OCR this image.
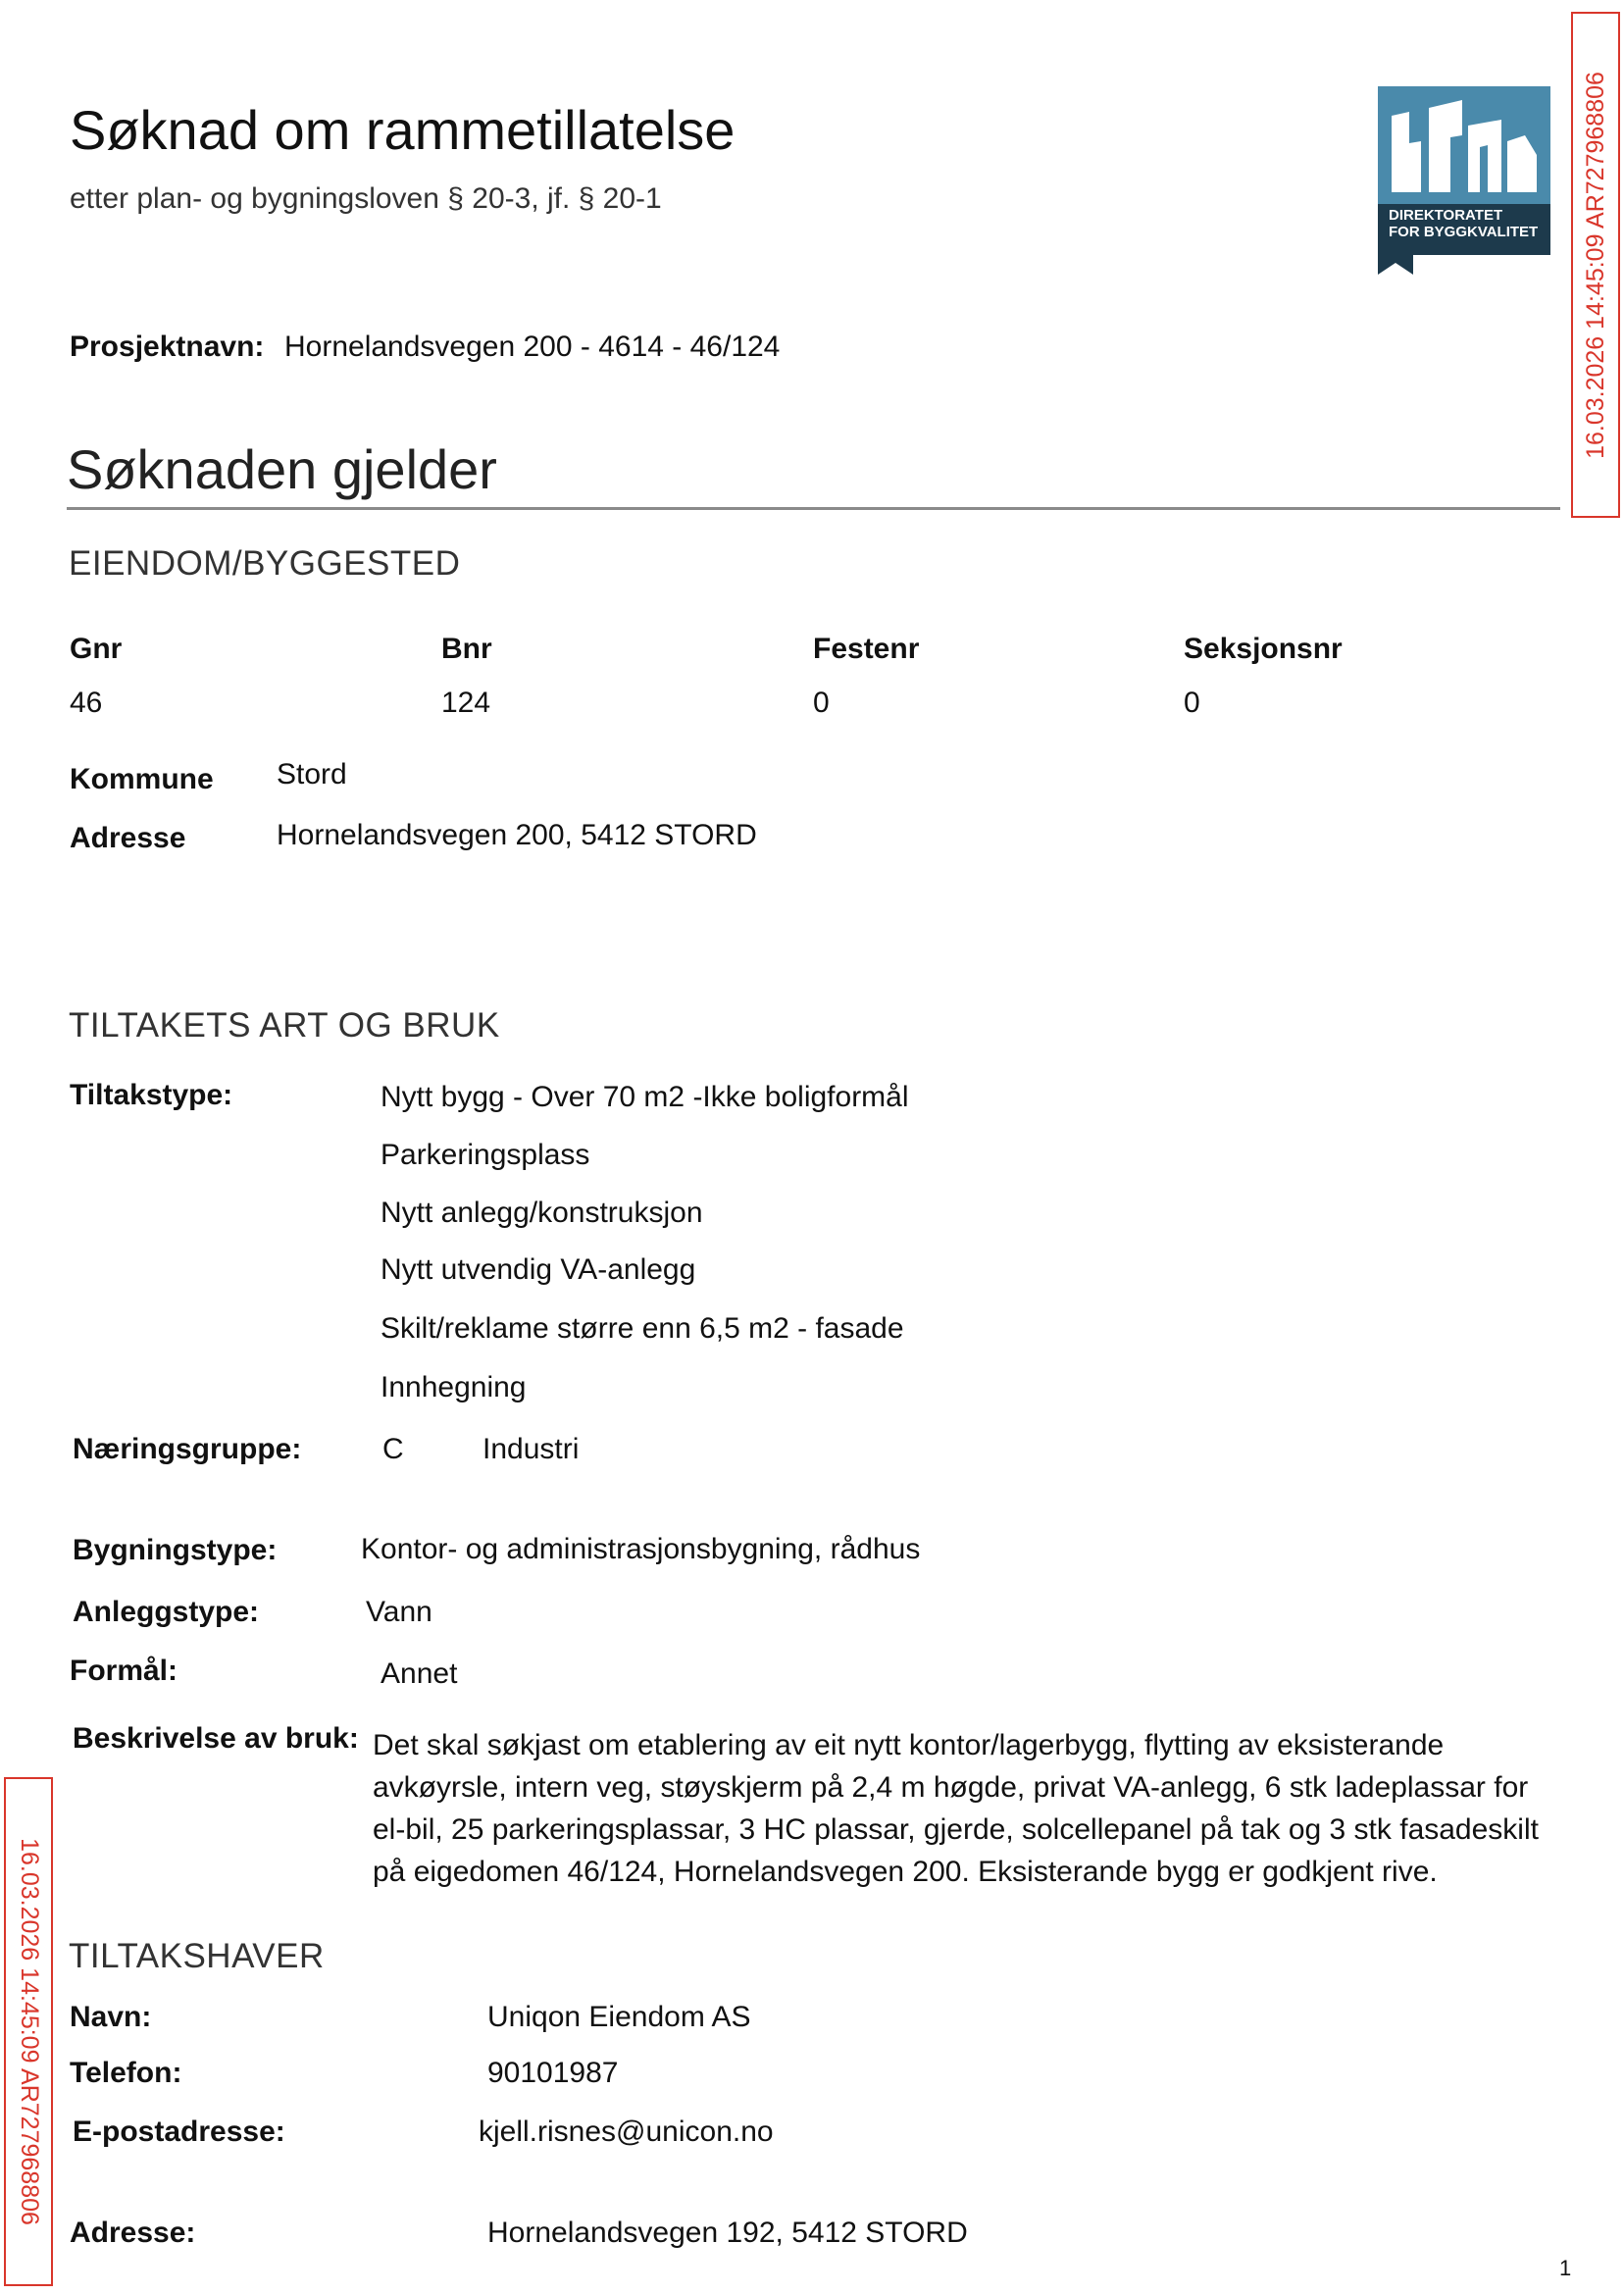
Søknad om rammetillatelse
etter plan- og bygningsloven § 20-3, jf. § 20-1
DIREKTORATET
FOR BYGGKVALITET 16.03.2026 14:45:09 AR727968806
16.03.2026 14:45:09 AR727968806
Prosjektnavn: Hornelandsvegen 200 - 4614 - 46/124
Søknaden gjelder
EIENDOM/BYGGESTED
Gnr	Bnr	Festenr	Seksjonsnr
46	124	0	0
Kommune Stord
Adresse	Hornelandsvegen 200, 5412 STORD
TILTAKETS ART OG BRUK
Tiltakstype:	Nytt bygg - Over 70 m2 -Ikke boligformål
Parkeringsplass
Nytt anlegg/konstruksjon
Nytt utvendig VA-anlegg
Skilt/reklame større enn 6,5 m2 - fasade
Innhegning
Næringsgruppe:	C	Industri
Bygningstype:	Kontor- og administrasjonsbygning, rådhus
Anleggstype:	Vann
Formål:	Annet
Beskrivelse av bruk: Det skal søkjast om etablering av eit nytt kontor/lagerbygg, flytting av eksisterande avkøyrsle, intern veg, støyskjerm på 2,4 m høgde, privat VA-anlegg, 6 stk ladeplassar for el-bil, 25 parkeringsplassar, 3 HC plassar, gjerde, solcellepanel på tak og 3 stk fasadeskilt på eigedomen 46/124, Hornelandsvegen 200. Eksisterande bygg er godkjent rive.
TILTAKSHAVER
Navn:	Uniqon Eiendom AS
Telefon:	90101987
E-postadresse:	kjell.risnes@unicon.no
Adresse:	Hornelandsvegen 192, 5412 STORD
1
